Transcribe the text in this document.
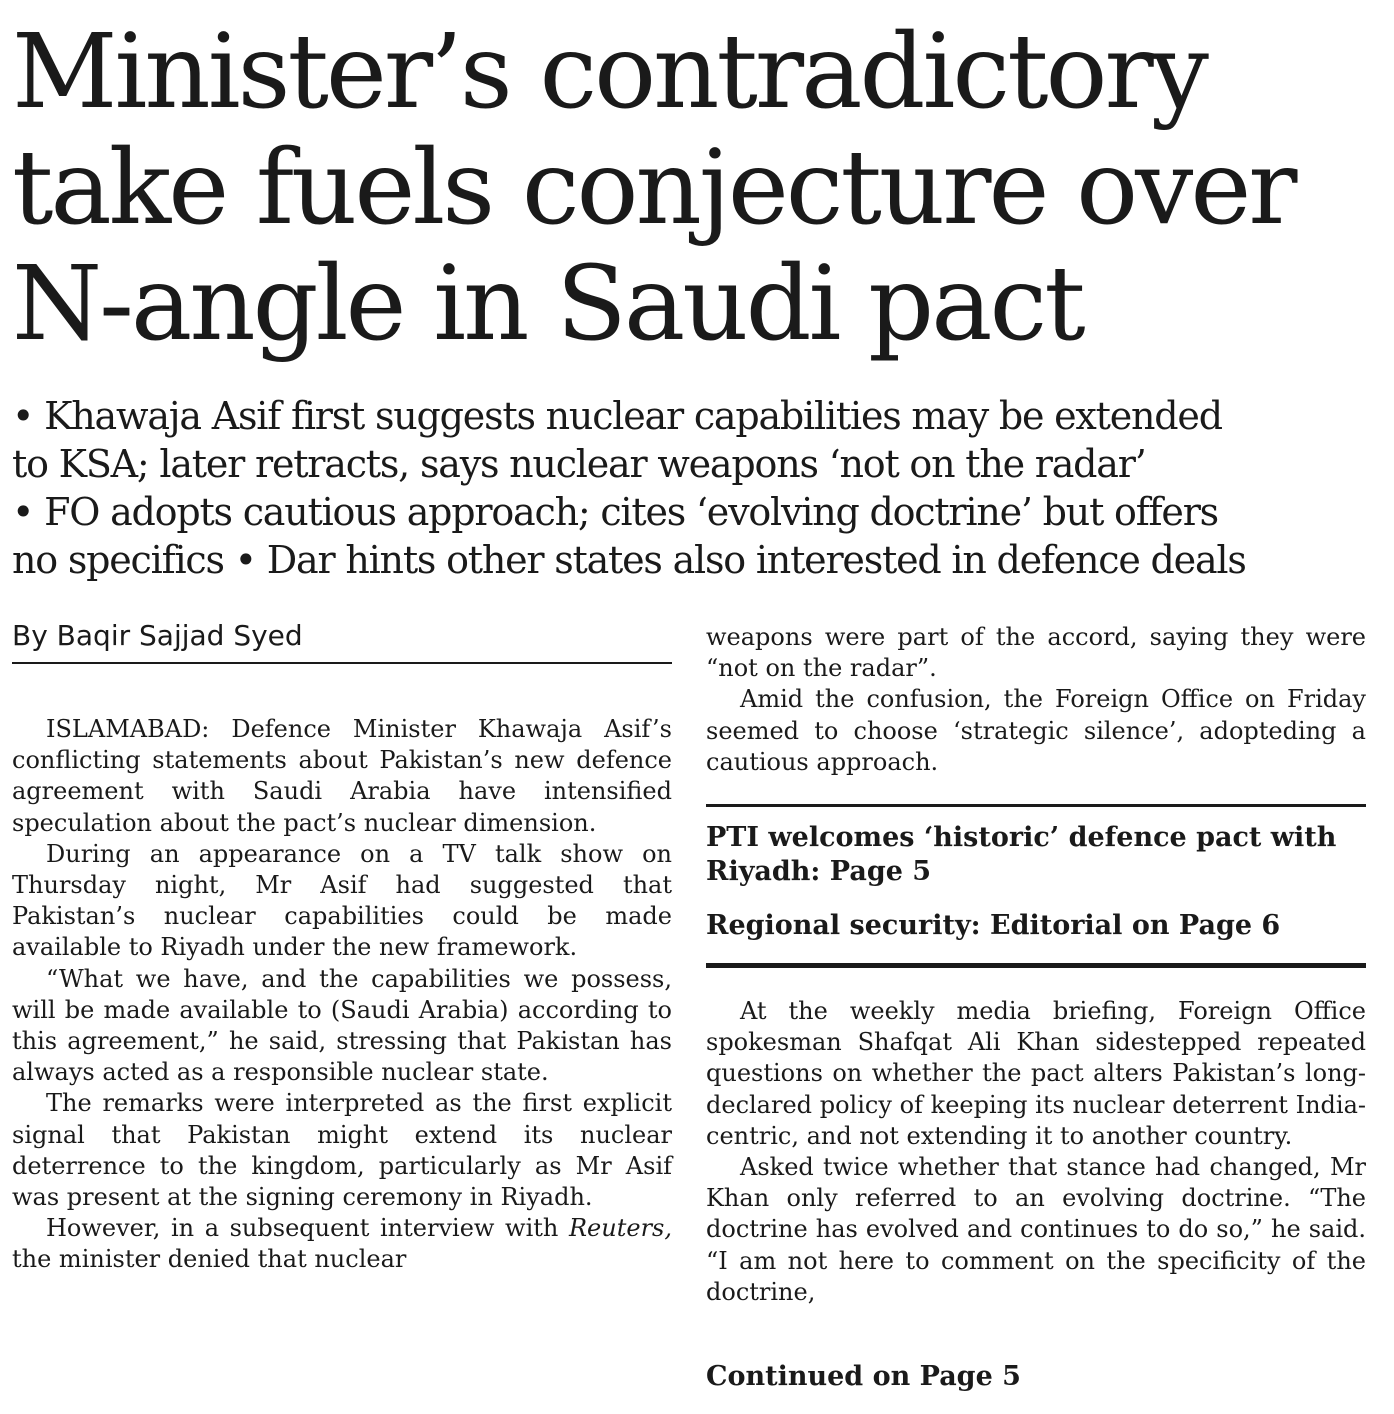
Minister’s contradictory
take fuels conjecture over
N-angle in Saudi pact
• Khawaja Asif first suggests nuclear capabilities may be extended
to KSA; later retracts, says nuclear weapons ‘not on the radar’
• FO adopts cautious approach; cites ‘evolving doctrine’ but offers
no specifics • Dar hints other states also interested in defence deals
By Baqir Sajjad Syed

ISLAMABAD: Defence Minister Khawaja Asif’s conflicting statements about Pakistan’s new defence agreement with Saudi Arabia have intensified speculation about the pact’s nuclear dimension.

During an appearance on a TV talk show on Thursday night, Mr Asif had suggested that Pakistan’s nuclear capabilities could be made available to Riyadh under the new framework.

“What we have, and the capabilities we possess, will be made available to (Saudi Arabia) according to this agreement,” he said, stressing that Pakistan has always acted as a responsible nuclear state.

The remarks were interpreted as the first explicit signal that Pakistan might extend its nuclear deterrence to the kingdom, particularly as Mr Asif was present at the signing ceremony in Riyadh.

However, in a subsequent interview with Reuters, the minister denied that nuclear

weapons were part of the accord, saying they were “not on the radar”.

Amid the confusion, the Foreign Office on Friday seemed to choose ‘strategic silence’, adopteding a cautious approach.

PTI welcomes ‘historic’ defence pact with Riyadh: Page 5
Regional security: Editorial on Page 6

At the weekly media briefing, Foreign Office spokesman Shafqat Ali Khan sidestepped repeated questions on whether the pact alters Pakistan’s long-declared policy of keeping its nuclear deterrent India-centric, and not extending it to another country.

Asked twice whether that stance had changed, Mr Khan only referred to an evolving doctrine. “The doctrine has evolved and continues to do so,” he said. “I am not here to comment on the specificity of the doctrine,

Continued on Page 5
